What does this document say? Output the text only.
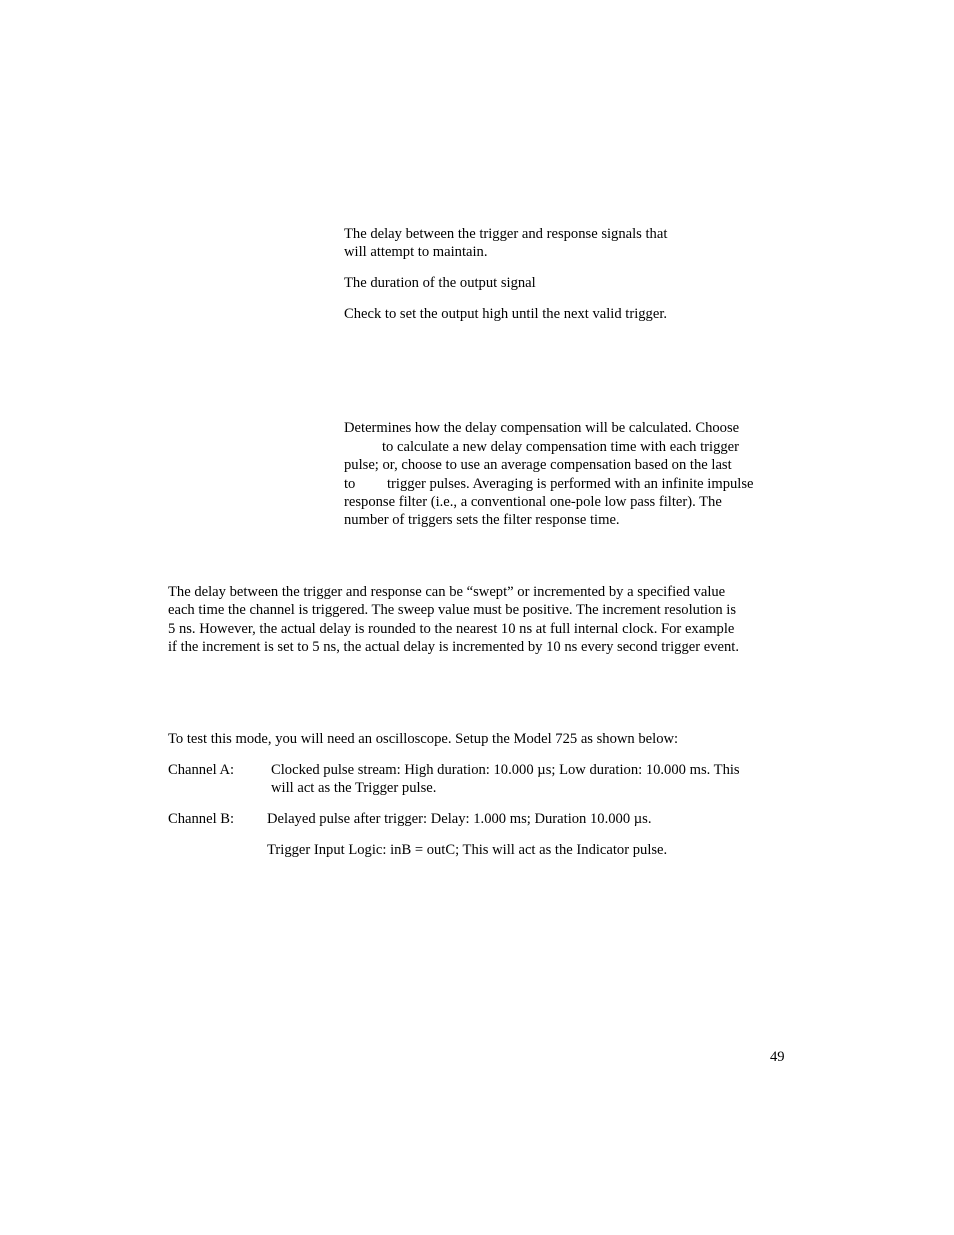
The delay between the trigger and response signals that
will attempt to maintain.
The duration of the output signal
Check to set the output high until the next valid trigger.
Determines how the delay compensation will be calculated. Choose
to calculate a new delay compensation time with each trigger
pulse; or, choose to use an average compensation based on the last
to trigger pulses. Averaging is performed with an infinite impulse
response filter (i.e., a conventional one-pole low pass filter). The
number of triggers sets the filter response time.
The delay between the trigger and response can be “swept” or incremented by a specified value
each time the channel is triggered. The sweep value must be positive. The increment resolution is
5 ns. However, the actual delay is rounded to the nearest 10 ns at full internal clock. For example
if the increment is set to 5 ns, the actual delay is incremented by 10 ns every second trigger event.
To test this mode, you will need an oscilloscope. Setup the Model 725 as shown below:
Channel A:	Clocked pulse stream: High duration: 10.000 µs; Low duration: 10.000 ms. This
will act as the Trigger pulse.
Channel B: Delayed pulse after trigger: Delay: 1.000 ms; Duration 10.000 µs.
Trigger Input Logic: inB = outC; This will act as the Indicator pulse.
49
